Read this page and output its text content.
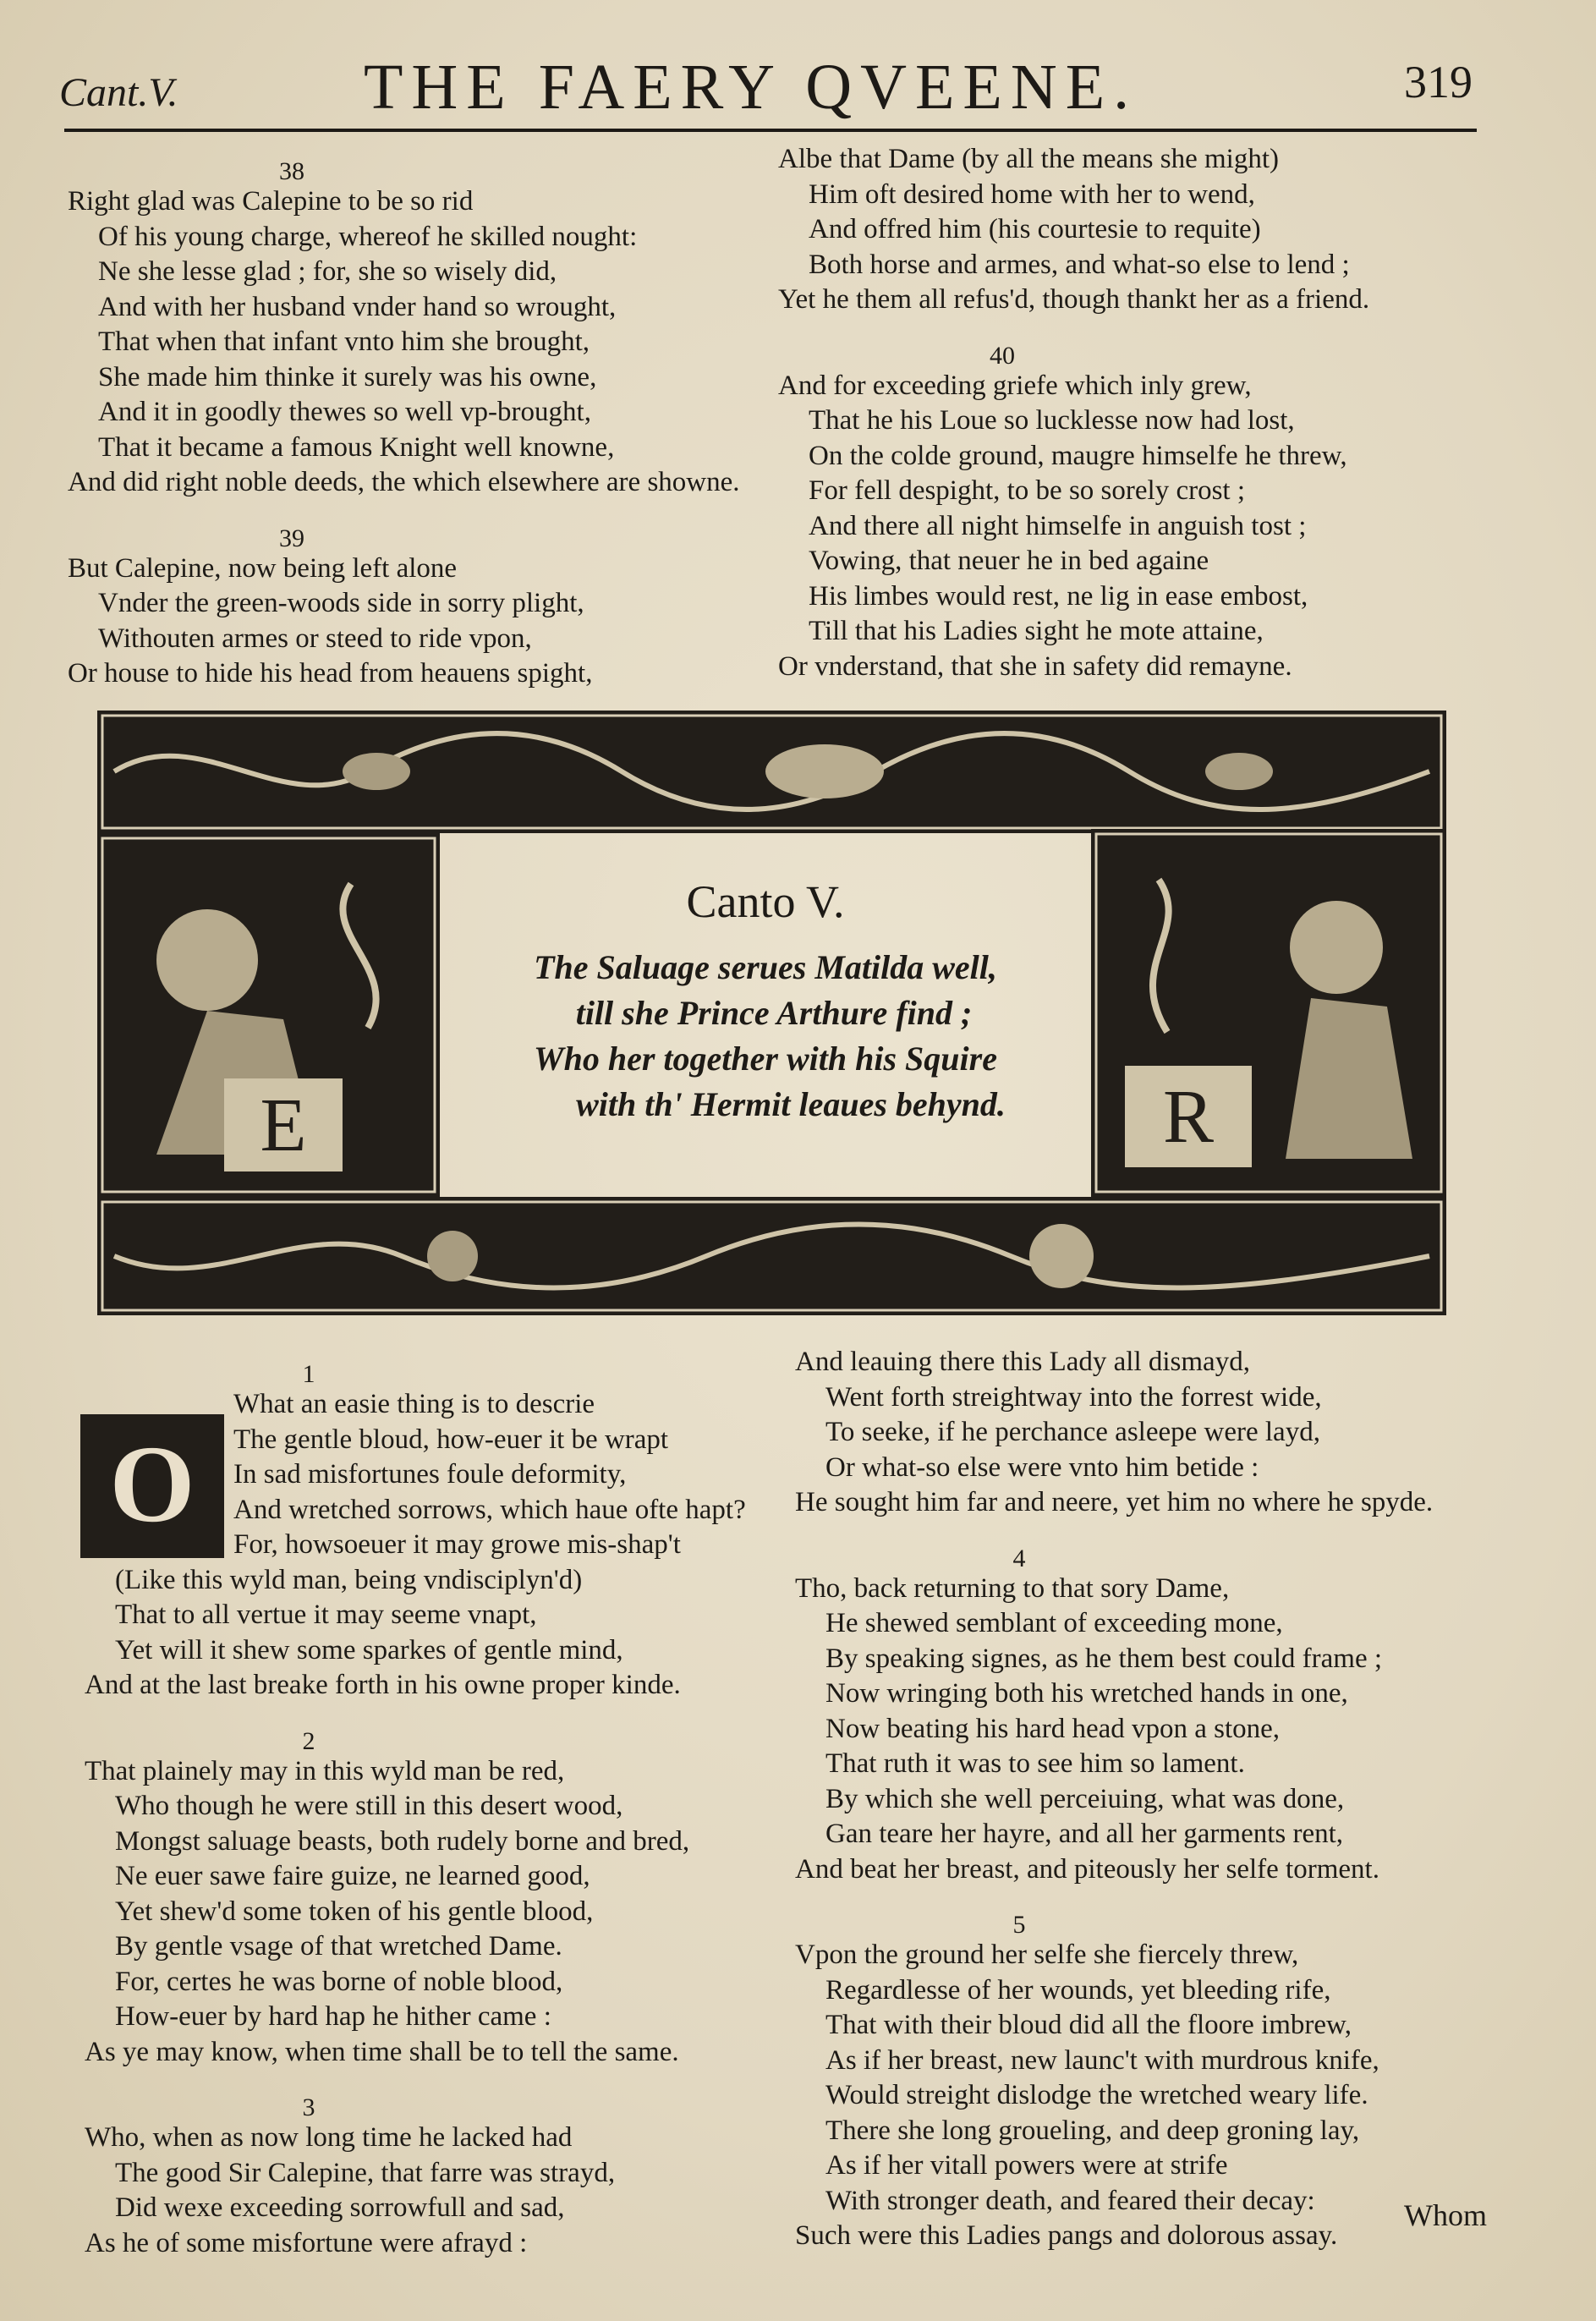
Cant.V.	THE FAERY QVEENE.	319
38
Right glad was Calepine to be so rid
Of his young charge, whereof he skilled nought:
Ne she lesse glad ; for, she so wisely did,
And with her husband vnder hand so wrought,
That when that infant vnto him she brought,
She made him thinke it surely was his owne,
And it in goodly thewes so well vp-brought,
That it became a famous Knight well knowne,
And did right noble deeds, the which elsewhere are showne.
39
But Calepine, now being left alone
Vnder the green-woods side in sorry plight,
Withouten armes or steed to ride vpon,
Or house to hide his head from heauens spight,
Albe that Dame (by all the means she might)
Him oft desired home with her to wend,
And offred him (his courtesie to requite)
Both horse and armes, and what-so else to lend ;
Yet he them all refus'd, though thankt her as a friend.
40
And for exceeding griefe which inly grew,
That he his Loue so lucklesse now had lost,
On the colde ground, maugre himselfe he threw,
For fell despight, to be so sorely crost ;
And there all night himselfe in anguish tost ;
Vowing, that neuer he in bed againe
His limbes would rest, ne lig in ease embost,
Till that his Ladies sight he mote attaine,
Or vnderstand, that she in safety did remayne.
E
Canto V.
The Saluage serues Matilda well,
till she Prince Arthure find ;
Who her together with his Squire
with th' Hermit leaues behynd.	R
O
1
What an easie thing is to descrie
The gentle bloud, how-euer it be wrapt
In sad misfortunes foule deformity,
And wretched sorrows, which haue ofte hapt?
For, howsoeuer it may growe mis-shap't
(Like this wyld man, being vndisciplyn'd)
That to all vertue it may seeme vnapt,
Yet will it shew some sparkes of gentle mind,
And at the last breake forth in his owne proper kinde.
2
That plainely may in this wyld man be red,
Who though he were still in this desert wood,
Mongst saluage beasts, both rudely borne and bred,
Ne euer sawe faire guize, ne learned good,
Yet shew'd some token of his gentle blood,
By gentle vsage of that wretched Dame.
For, certes he was borne of noble blood,
How-euer by hard hap he hither came :
As ye may know, when time shall be to tell the same.
3
Who, when as now long time he lacked had
The good Sir Calepine, that farre was strayd,
Did wexe exceeding sorrowfull and sad,
As he of some misfortune were afrayd :
And leauing there this Lady all dismayd,
Went forth streightway into the forrest wide,
To seeke, if he perchance asleepe were layd,
Or what-so else were vnto him betide :
He sought him far and neere, yet him no where he spyde.
4
Tho, back returning to that sory Dame,
He shewed semblant of exceeding mone,
By speaking signes, as he them best could frame ;
Now wringing both his wretched hands in one,
Now beating his hard head vpon a stone,
That ruth it was to see him so lament.
By which she well perceiuing, what was done,
Gan teare her hayre, and all her garments rent,
And beat her breast, and piteously her selfe torment.
5
Vpon the ground her selfe she fiercely threw,
Regardlesse of her wounds, yet bleeding rife,
That with their bloud did all the floore imbrew,
As if her breast, new launc't with murdrous knife,
Would streight dislodge the wretched weary life.
There she long groueling, and deep groning lay,
As if her vitall powers were at strife
With stronger death, and feared their decay:
Such were this Ladies pangs and dolorous assay.
Whom
